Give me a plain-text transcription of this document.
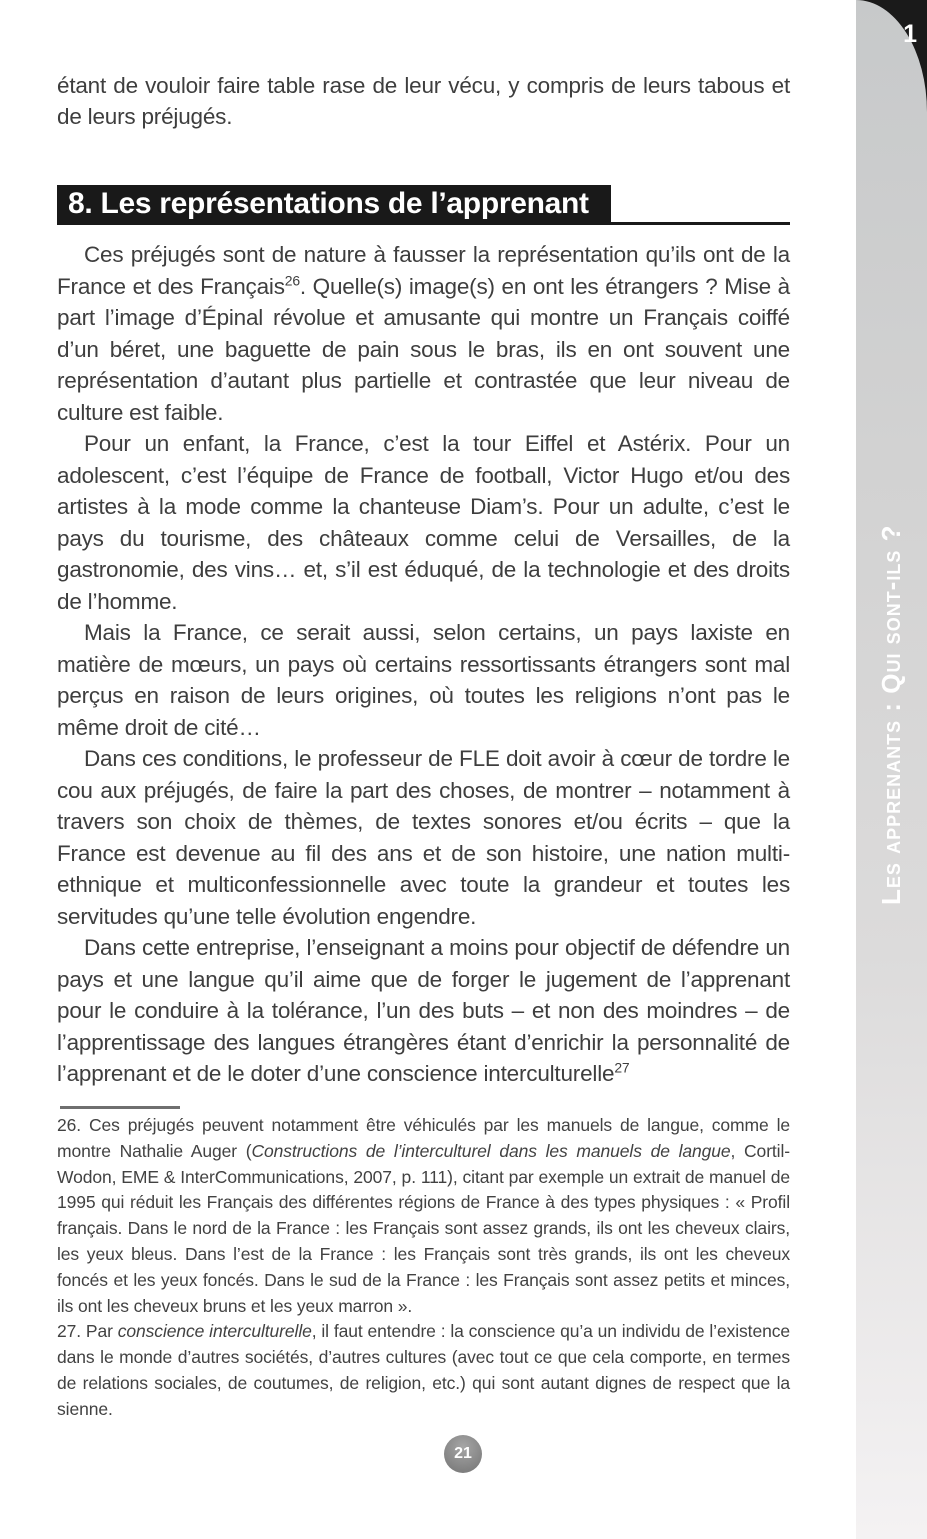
étant de vouloir faire table rase de leur vécu, y compris de leurs tabous et de leurs préjugés.

8. Les représentations de l’apprenant

Ces préjugés sont de nature à fausser la représentation qu’ils ont de la France et des Français$^{26}$. Quelle(s) image(s) en ont les étrangers ? Mise à part l’image d’Épinal révolue et amusante qui montre un Français coiffé d’un béret, une baguette de pain sous le bras, ils en ont souvent une représentation d’autant plus partielle et contrastée que leur niveau de culture est faible.

Pour un enfant, la France, c’est la tour Eiffel et Astérix. Pour un adolescent, c’est l’équipe de France de football, Victor Hugo et/ou des artistes à la mode comme la chanteuse Diam’s. Pour un adulte, c’est le pays du tourisme, des châteaux comme celui de Versailles, de la gastronomie, des vins… et, s’il est éduqué, de la technologie et des droits de l’homme.

Mais la France, ce serait aussi, selon certains, un pays laxiste en matière de mœurs, un pays où certains ressortissants étrangers sont mal perçus en raison de leurs origines, où toutes les religions n’ont pas le même droit de cité…

Dans ces conditions, le professeur de FLE doit avoir à cœur de tordre le cou aux préjugés, de faire la part des choses, de montrer – notamment à travers son choix de thèmes, de textes sonores et/ou écrits – que la France est devenue au fil des ans et de son histoire, une nation multi-ethnique et multiconfessionnelle avec toute la grandeur et toutes les servitudes qu’une telle évolution engendre.

Dans cette entreprise, l’enseignant a moins pour objectif de défendre un pays et une langue qu’il aime que de forger le jugement de l’apprenant pour le conduire à la tolérance, l’un des buts – et non des moindres – de l’apprentissage des langues étrangères étant d’enrichir la personnalité de l’apprenant et de le doter d’une conscience interculturelle$^{27}$

26. Ces préjugés peuvent notamment être véhiculés par les manuels de langue, comme le montre Nathalie Auger (Constructions de l’interculturel dans les manuels de langue, Cortil-Wodon, EME & InterCommunications, 2007, p. 111), citant par exemple un extrait de manuel de 1995 qui réduit les Français des différentes régions de France à des types physiques : « Profil français. Dans le nord de la France : les Français sont assez grands, ils ont les cheveux clairs, les yeux bleus. Dans l’est de la France : les Français sont très grands, ils ont les cheveux foncés et les yeux foncés. Dans le sud de la France : les Français sont assez petits et minces, ils ont les cheveux bruns et les yeux marron ».

27. Par conscience interculturelle, il faut entendre : la conscience qu’a un individu de l’existence dans le monde d’autres sociétés, d’autres cultures (avec tout ce que cela comporte, en termes de relations sociales, de coutumes, de religion, etc.) qui sont autant dignes de respect que la sienne.

21
1
Les apprenants : Qui sont-ils ?
